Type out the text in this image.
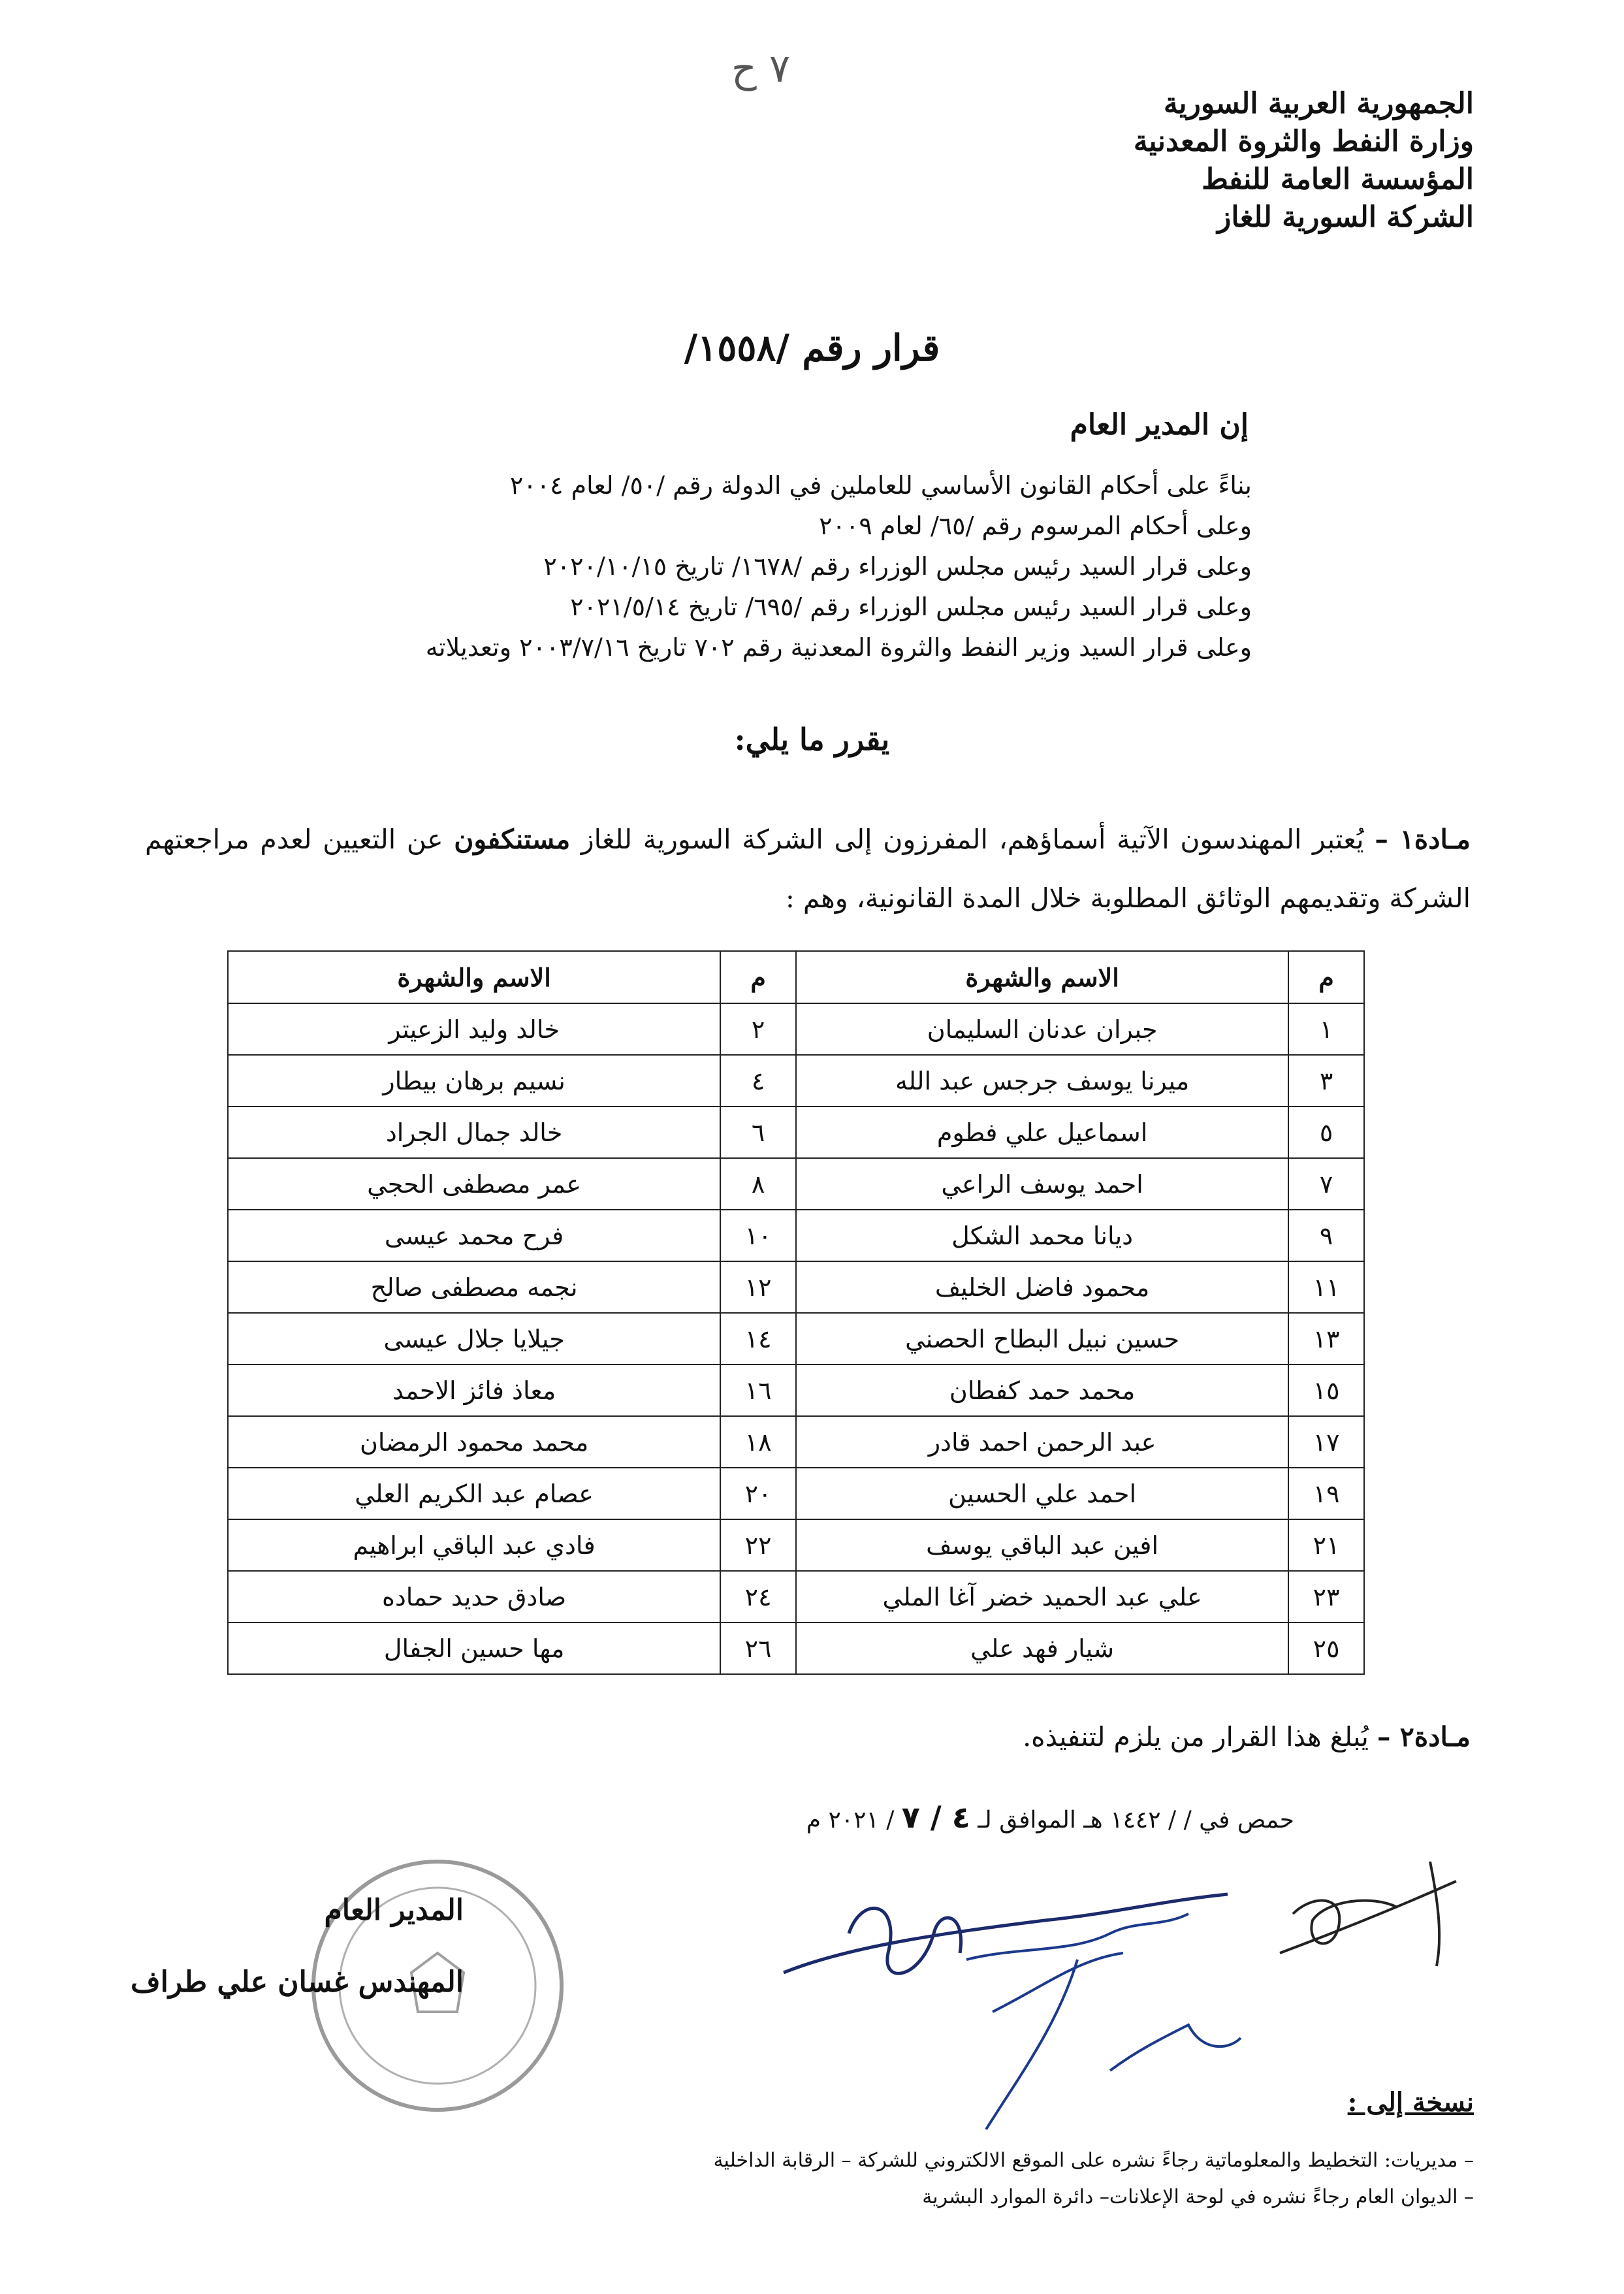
٧ ح
الجمهورية العربية السورية
وزارة النفط والثروة المعدنية
المؤسسة العامة للنفط
الشركة السورية للغاز
قرار رقم /١٥٥٨/
إن المدير العام
بناءً على أحكام القانون الأساسي للعاملين في الدولة رقم /٥٠/ لعام ٢٠٠٤
وعلى أحكام المرسوم رقم /٦٥/ لعام ٢٠٠٩
وعلى قرار السيد رئيس مجلس الوزراء رقم /١٦٧٨/ تاريخ ٢٠٢٠/١٠/١٥
وعلى قرار السيد رئيس مجلس الوزراء رقم /٦٩٥/ تاريخ ٢٠٢١/٥/١٤
وعلى قرار السيد وزير النفط والثروة المعدنية رقم ٧٠٢ تاريخ ٢٠٠٣/٧/١٦ وتعديلاته
يقرر ما يلي:
مـادة١ – يُعتبر المهندسون الآتية أسماؤهم، المفرزون إلى الشركة السورية للغاز مستنكفون عن التعيين لعدم مراجعتهم الشركة وتقديمهم الوثائق المطلوبة خلال المدة القانونية، وهم :
م	الاسم والشهرة	م	الاسم والشهرة
١	جبران عدنان السليمان	٢	خالد وليد الزعيتر
٣	ميرنا يوسف جرجس عبد الله	٤	نسيم برهان بيطار
٥	اسماعيل علي فطوم	٦	خالد جمال الجراد
٧	احمد يوسف الراعي	٨	عمر مصطفى الحجي
٩	ديانا محمد الشكل	١٠	فرح محمد عيسى
١١	محمود فاضل الخليف	١٢	نجمه مصطفى صالح
١٣	حسين نبيل البطاح الحصني	١٤	جيلايا جلال عيسى
١٥	محمد حمد كفطان	١٦	معاذ فائز الاحمد
١٧	عبد الرحمن احمد قادر	١٨	محمد محمود الرمضان
١٩	احمد علي الحسين	٢٠	عصام عبد الكريم العلي
٢١	افين عبد الباقي يوسف	٢٢	فادي عبد الباقي ابراهيم
٢٣	علي عبد الحميد خضر آغا الملي	٢٤	صادق حديد حماده
٢٥	شيار فهد علي	٢٦	مها حسين الجفال
مـادة٢ – يُبلغ هذا القرار من يلزم لتنفيذه.
حمص في / / ١٤٤٢ هـ الموافق لـ ٤ / ٧ / ٢٠٢١ م
المدير العام
المهندس غسان علي طراف
نسخة إلى :
– مديريات: التخطيط والمعلوماتية رجاءً نشره على الموقع الالكتروني للشركة – الرقابة الداخلية
– الديوان العام رجاءً نشره في لوحة الإعلانات– دائرة الموارد البشرية
